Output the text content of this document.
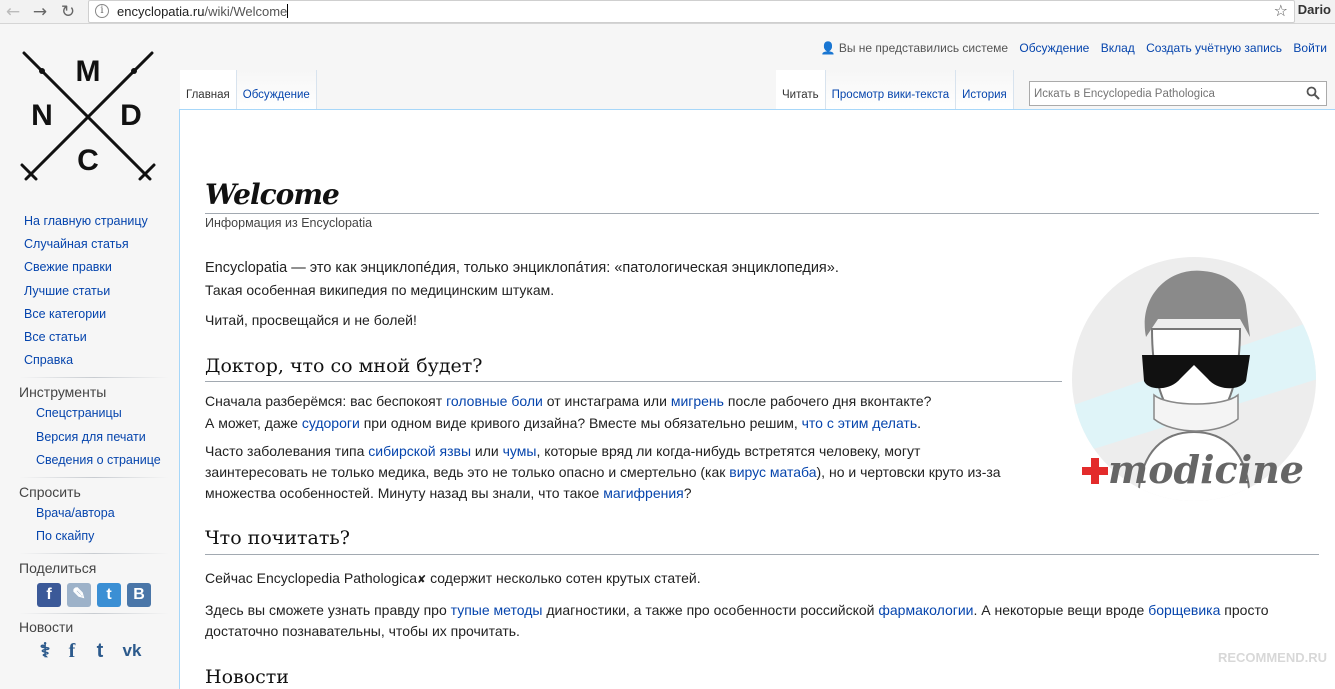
← → ↻	i	encyclopatia.ru/wiki/Welcome	☆ Dario
M
N D
C
👤 Вы не представились системе Обсуждение Вклад Создать учётную запись Войти
Главная	Обсуждение	Читать	Просмотр вики-текста	История
Искать в Encyclopedia Pathologica
На главную страницу
Случайная статья
Свежие правки
Лучшие статьи
Все категории
Все статьи
Справка
Инструменты
Спецстраницы
Версия для печати
Сведения о странице
Спросить
Врача/автора
По скайпу
Поделиться
f	✎	t	B
Новости
⚕ f	t	vk
Welcome
Информация из Encyclopatia
Encyclopatia — это как энциклопéдия, только энциклопáтия: «патологическая энциклопедия».
Такая особенная википедия по медицинским штукам.
Читай, просвещайся и не болей!
Доктор, что со мной будет?
Сначала разберёмся: вас беспокоят головные боли от инстаграма или мигрень после рабочего дня вконтакте?
А может, даже судороги при одном виде кривого дизайна? Вместе мы обязательно решим, что с этим делать.
Часто заболевания типа сибирской язвы или чумы, которые вряд ли когда-нибудь встретятся человеку, могут
заинтересовать не только медика, ведь это не только опасно и смертельно (как вирус матаба), но и чертовски круто из-за
множества особенностей. Минуту назад вы знали, что такое магифрения?
Что почитать?
Сейчас Encyclopedia Pathologica✘ содержит несколько сотен крутых статей.
Здесь вы сможете узнать правду про тупые методы диагностики, а также про особенности российской фармакологии. А некоторые вещи вроде борщевика просто
достаточно познавательны, чтобы их прочитать.
Новости
modicine
RECOMMEND.RU
